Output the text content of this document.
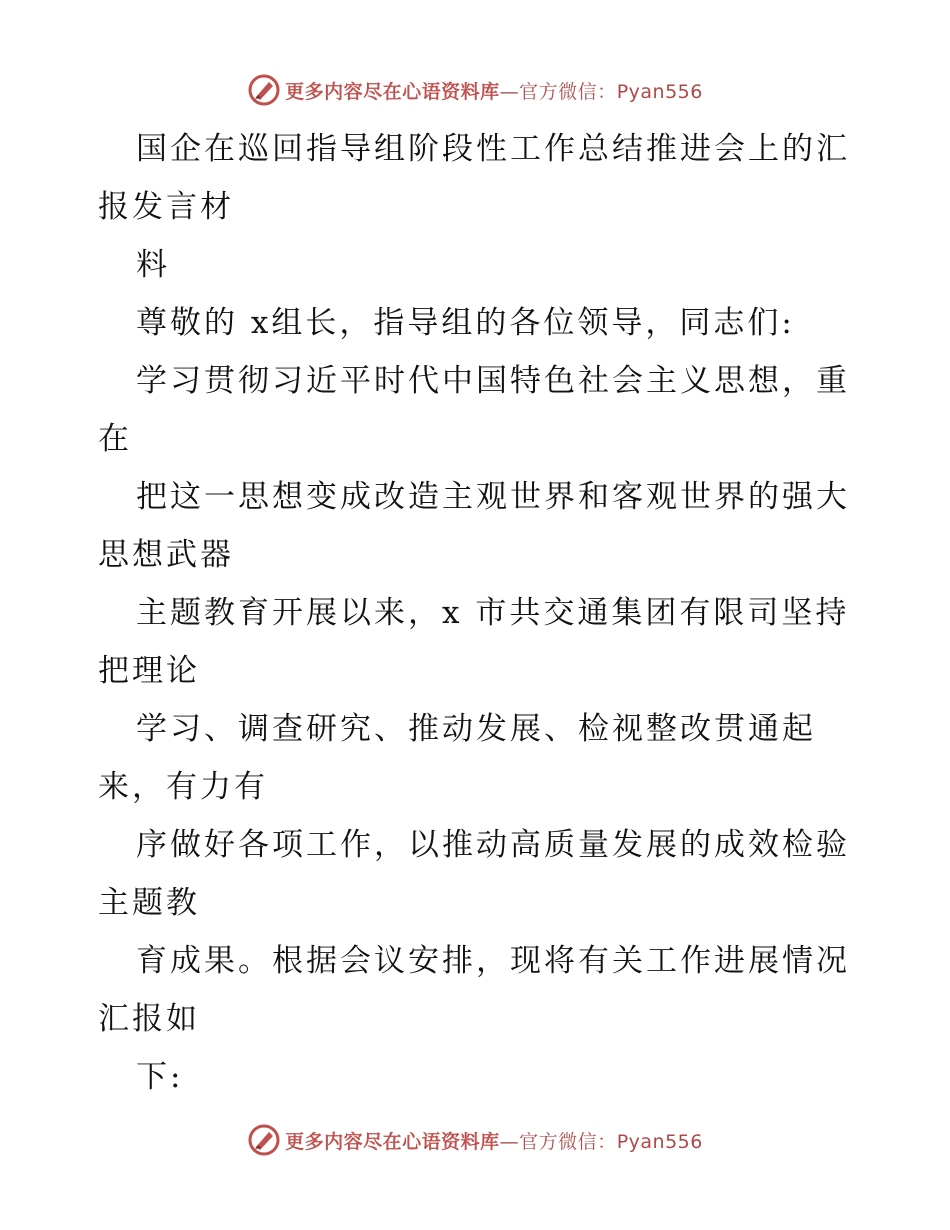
更多内容尽在心语资料库—官方微信：Pyan556

国企在巡回指导组阶段性工作总结推进会上的汇

报发言材

料

尊敬的 x组长，指导组的各位领导，同志们:

学习贯彻习近平时代中国特色社会主义思想，重

在

把这一思想变成改造主观世界和客观世界的强大

思想武器

主题教育开展以来，x 市共交通集团有限司坚持

把理论

学习、调查研究、推动发展、检视整改贯通起

来，有力有

序做好各项工作，以推动高质量发展的成效检验

主题教

育成果。根据会议安排，现将有关工作进展情况

汇报如

下:

更多内容尽在心语资料库—官方微信：Pyan556
